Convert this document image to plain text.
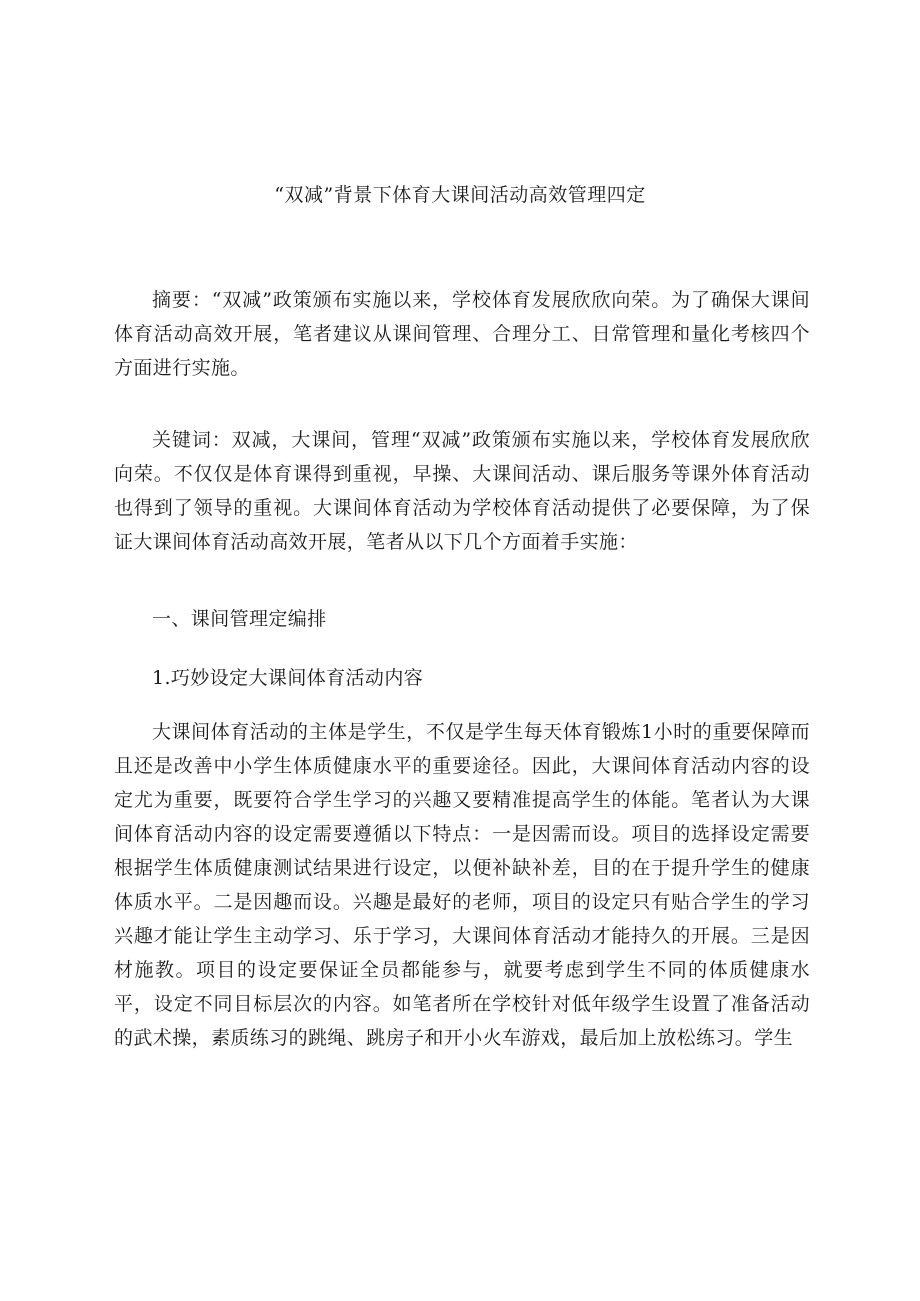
“双减”背景下体育大课间活动高效管理四定

摘要：“双减”政策颁布实施以来，学校体育发展欣欣向荣。为了确保大课间体育活动高效开展，笔者建议从课间管理、合理分工、日常管理和量化考核四个方面进行实施。

关键词：双减，大课间，管理“双减”政策颁布实施以来，学校体育发展欣欣向荣。不仅仅是体育课得到重视，早操、大课间活动、课后服务等课外体育活动也得到了领导的重视。大课间体育活动为学校体育活动提供了必要保障，为了保证大课间体育活动高效开展，笔者从以下几个方面着手实施：

一、课间管理定编排

1.巧妙设定大课间体育活动内容

大课间体育活动的主体是学生，不仅是学生每天体育锻炼1小时的重要保障而且还是改善中小学生体质健康水平的重要途径。因此，大课间体育活动内容的设定尤为重要，既要符合学生学习的兴趣又要精准提高学生的体能。笔者认为大课间体育活动内容的设定需要遵循以下特点：一是因需而设。项目的选择设定需要根据学生体质健康测试结果进行设定，以便补缺补差，目的在于提升学生的健康体质水平。二是因趣而设。兴趣是最好的老师，项目的设定只有贴合学生的学习兴趣才能让学生主动学习、乐于学习，大课间体育活动才能持久的开展。三是因材施教。项目的设定要保证全员都能参与，就要考虑到学生不同的体质健康水平，设定不同目标层次的内容。如笔者所在学校针对低年级学生设置了准备活动的武术操，素质练习的跳绳、跳房子和开小火车游戏，最后加上放松练习。学生
